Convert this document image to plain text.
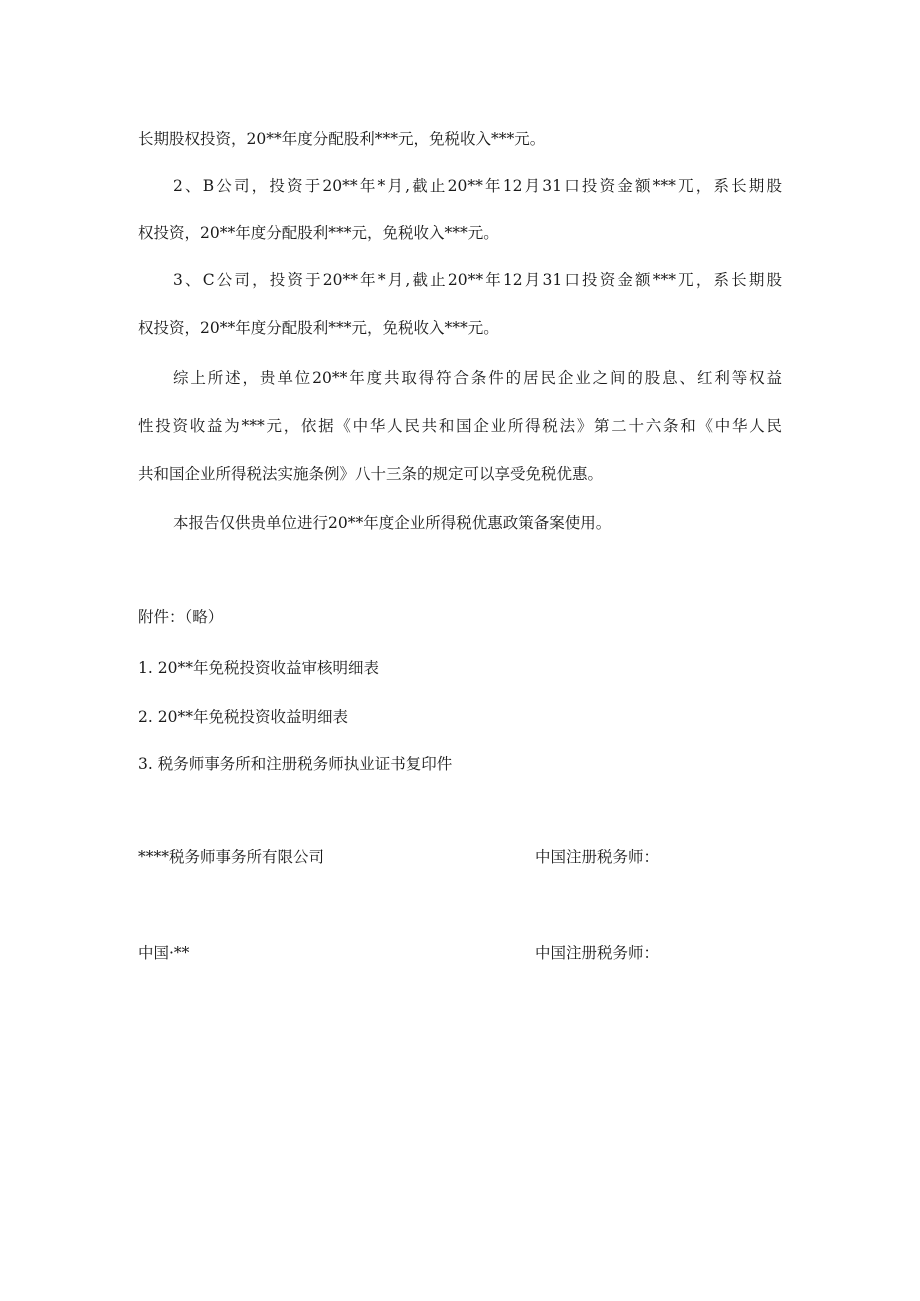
长期股权投资，20**年度分配股利***元，免税收入***元。
2、B公司，投资于20**年*月,截止20**年12月31口投资金额***兀，系长期股
权投资，20**年度分配股利***元，免税收入***元。
3、C公司，投资于20**年*月,截止20**年12月31口投资金额***兀，系长期股
权投资，20**年度分配股利***元，免税收入***元。
综上所述，贵单位20**年度共取得符合条件的居民企业之间的股息、红利等权益
性投资收益为***元，依据《中华人民共和国企业所得税法》第二十六条和《中华人民
共和国企业所得税法实施条例》八十三条的规定可以享受免税优惠。
本报告仅供贵单位进行20**年度企业所得税优惠政策备案使用。
附件：（略）
1. 20**年免税投资收益审核明细表
2. 20**年免税投资收益明细表
3. 税务师事务所和注册税务师执业证书复印件
****税务师事务所有限公司	中国注册税务师：
中国·**	中国注册税务师：
